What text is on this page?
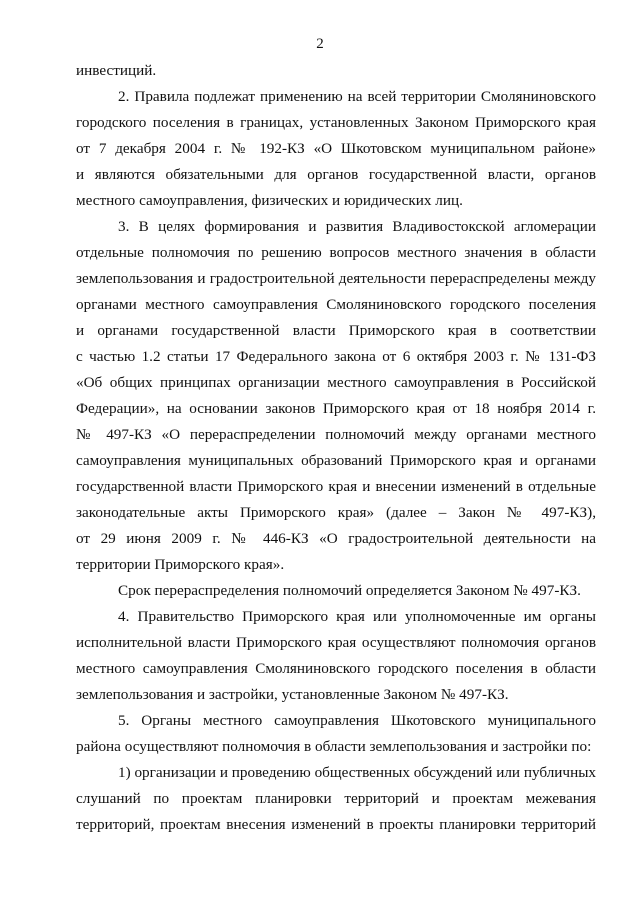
2
инвестиций.
2. Правила подлежат применению на всей территории Смоляниновского
городского поселения в границах, установленных Законом Приморского края
от 7 декабря 2004 г. № 192-КЗ «О Шкотовском муниципальном районе»
и являются обязательными для органов государственной власти, органов
местного самоуправления, физических и юридических лиц.
3. В целях формирования и развития Владивостокской агломерации
отдельные полномочия по решению вопросов местного значения в области
землепользования и градостроительной деятельности перераспределены между
органами местного самоуправления Смоляниновского городского поселения
и органами государственной власти Приморского края в соответствии
с частью 1.2 статьи 17 Федерального закона от 6 октября 2003 г. № 131-ФЗ
«Об общих принципах организации местного самоуправления в Российской
Федерации», на основании законов Приморского края от 18 ноября 2014 г.
№ 497-КЗ «О перераспределении полномочий между органами местного
самоуправления муниципальных образований Приморского края и органами
государственной власти Приморского края и внесении изменений в отдельные
законодательные акты Приморского края» (далее – Закон № 497-КЗ),
от 29 июня 2009 г. № 446-КЗ «О градостроительной деятельности на
территории Приморского края».
Срок перераспределения полномочий определяется Законом № 497-КЗ.
4. Правительство Приморского края или уполномоченные им органы
исполнительной власти Приморского края осуществляют полномочия органов
местного самоуправления Смоляниновского городского поселения в области
землепользования и застройки, установленные Законом № 497-КЗ.
5. Органы местного самоуправления Шкотовского муниципального
района осуществляют полномочия в области землепользования и застройки по:
1) организации и проведению общественных обсуждений или публичных
слушаний по проектам планировки территорий и проектам межевания
территорий, проектам внесения изменений в проекты планировки территорий
